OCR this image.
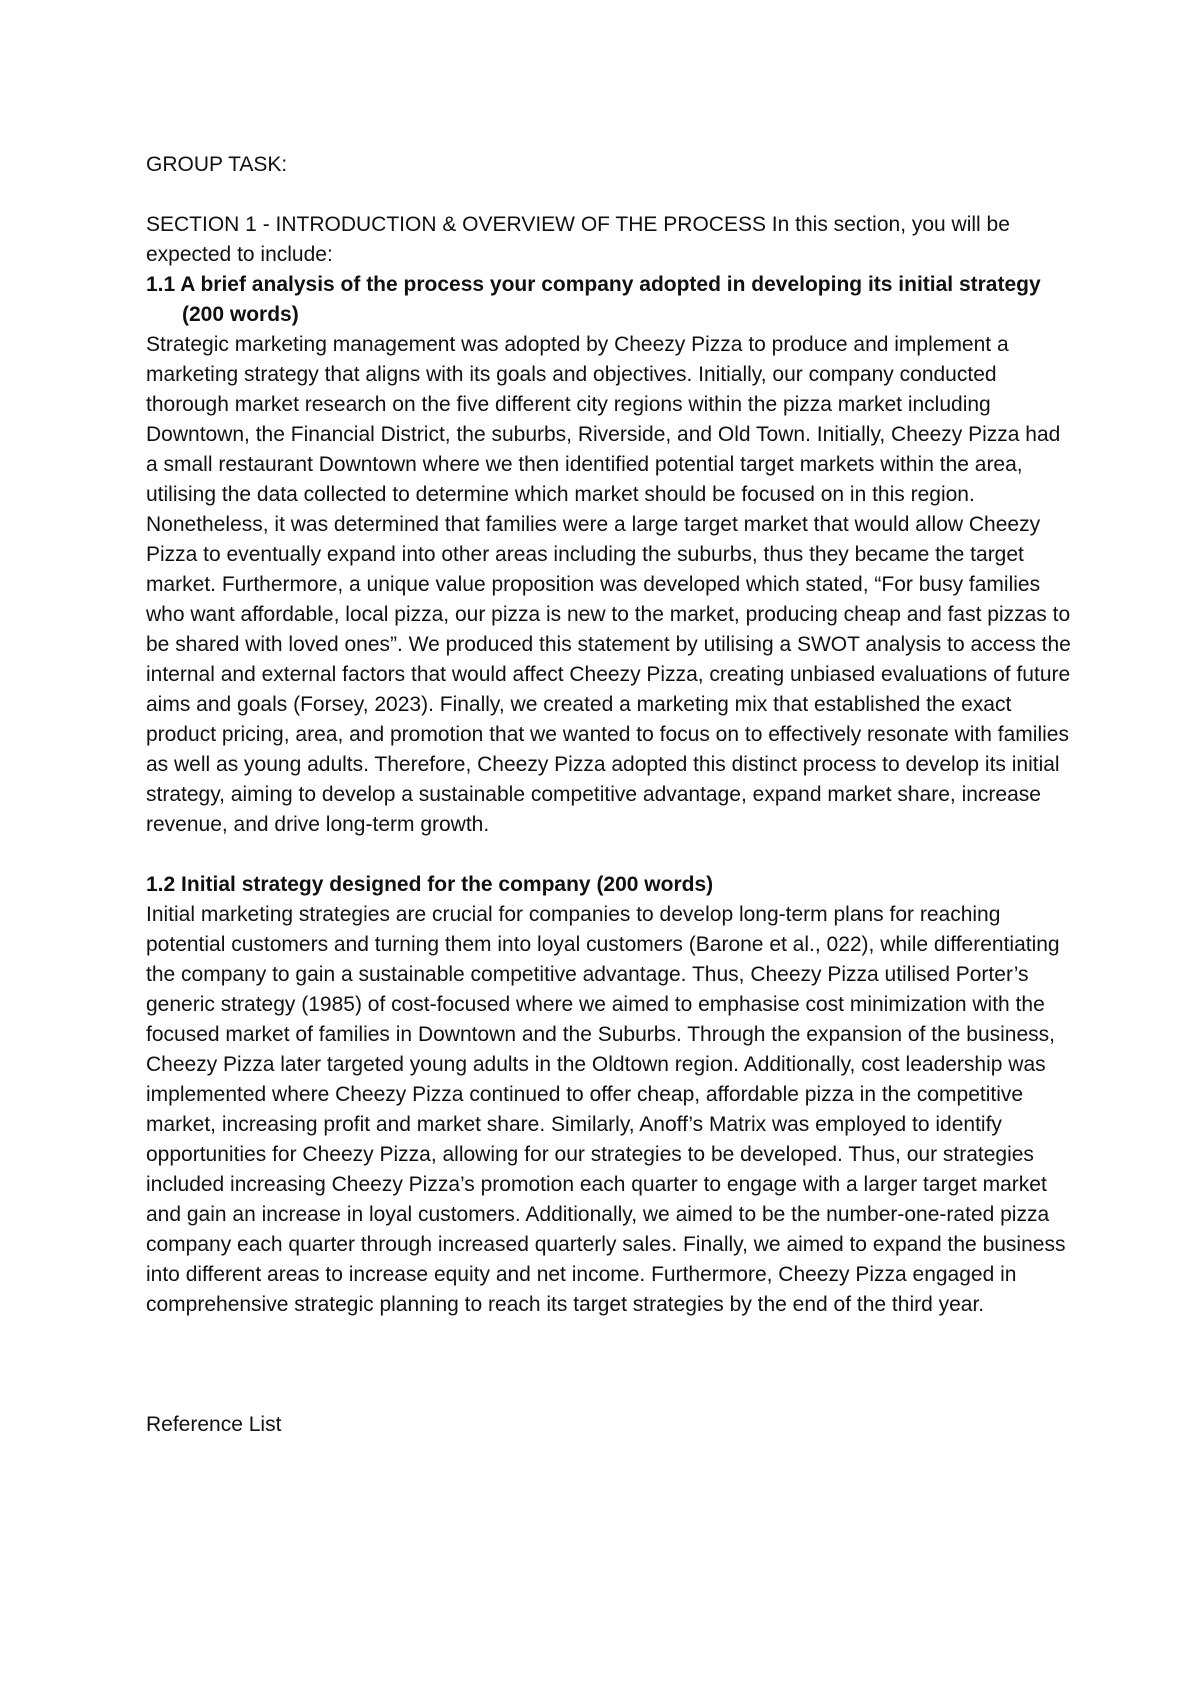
GROUP TASK:

SECTION 1 - INTRODUCTION & OVERVIEW OF THE PROCESS In this section, you will be expected to include:

1.1 A brief analysis of the process your company adopted in developing its initial strategy
(200 words)

Strategic marketing management was adopted by Cheezy Pizza to produce and implement a marketing strategy that aligns with its goals and objectives. Initially, our company conducted thorough market research on the five different city regions within the pizza market including Downtown, the Financial District, the suburbs, Riverside, and Old Town. Initially, Cheezy Pizza had a small restaurant Downtown where we then identified potential target markets within the area, utilising the data collected to determine which market should be focused on in this region. Nonetheless, it was determined that families were a large target market that would allow Cheezy Pizza to eventually expand into other areas including the suburbs, thus they became the target market. Furthermore, a unique value proposition was developed which stated, “For busy families who want affordable, local pizza, our pizza is new to the market, producing cheap and fast pizzas to be shared with loved ones”. We produced this statement by utilising a SWOT analysis to access the internal and external factors that would affect Cheezy Pizza, creating unbiased evaluations of future aims and goals (Forsey, 2023). Finally, we created a marketing mix that established the exact product pricing, area, and promotion that we wanted to focus on to effectively resonate with families as well as young adults. Therefore, Cheezy Pizza adopted this distinct process to develop its initial strategy, aiming to develop a sustainable competitive advantage, expand market share, increase revenue, and drive long-term growth.

1.2 Initial strategy designed for the company (200 words)

Initial marketing strategies are crucial for companies to develop long-term plans for reaching potential customers and turning them into loyal customers (Barone et al., 022), while differentiating the company to gain a sustainable competitive advantage. Thus, Cheezy Pizza utilised Porter’s generic strategy (1985) of cost-focused where we aimed to emphasise cost minimization with the focused market of families in Downtown and the Suburbs. Through the expansion of the business, Cheezy Pizza later targeted young adults in the Oldtown region. Additionally, cost leadership was implemented where Cheezy Pizza continued to offer cheap, affordable pizza in the competitive market, increasing profit and market share. Similarly, Anoff’s Matrix was employed to identify opportunities for Cheezy Pizza, allowing for our strategies to be developed. Thus, our strategies included increasing Cheezy Pizza’s promotion each quarter to engage with a larger target market and gain an increase in loyal customers. Additionally, we aimed to be the number-one-rated pizza company each quarter through increased quarterly sales. Finally, we aimed to expand the business into different areas to increase equity and net income. Furthermore, Cheezy Pizza engaged in comprehensive strategic planning to reach its target strategies by the end of the third year.

Reference List
